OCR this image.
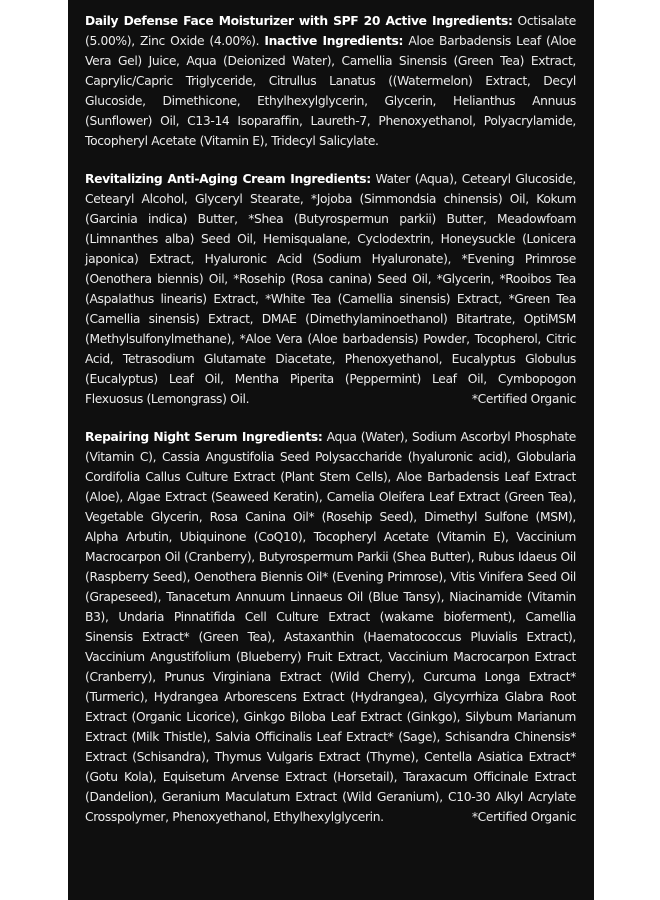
Daily Defense Face Moisturizer with SPF 20 Active Ingredients: Octisalate (5.00%), Zinc Oxide (4.00%). Inactive Ingredients: Aloe Barbadensis Leaf (Aloe Vera Gel) Juice, Aqua (Deionized Water), Camellia Sinensis (Green Tea) Extract, Caprylic/Capric Triglyceride, Citrullus Lanatus ((Watermelon) Extract, Decyl Glucoside, Dimethicone, Ethylhexylglycerin, Glycerin, Helianthus Annuus (Sunflower) Oil, C13-14 Isoparaffin, Laureth-7, Phenoxyethanol, Polyacrylamide, Tocopheryl Acetate (Vitamin E), Tridecyl Salicylate.
Revitalizing Anti-Aging Cream Ingredients: Water (Aqua), Cetearyl Glucoside, Cetearyl Alcohol, Glyceryl Stearate, *Jojoba (Simmondsia chinensis) Oil, Kokum (Garcinia indica) Butter, *Shea (Butyrospermun parkii) Butter, Meadowfoam (Limnanthes alba) Seed Oil, Hemisqualane, Cyclodextrin, Honeysuckle (Lonicera japonica) Extract, Hyaluronic Acid (Sodium Hyaluronate), *Evening Primrose (Oenothera biennis) Oil, *Rosehip (Rosa canina) Seed Oil, *Glycerin, *Rooibos Tea (Aspalathus linearis) Extract, *White Tea (Camellia sinensis) Extract, *Green Tea (Camellia sinensis) Extract, DMAE (Dimethylaminoethanol) Bitartrate, OptiMSM (Methylsulfonylmethane), *Aloe Vera (Aloe barbadensis) Powder, Tocopherol, Citric Acid, Tetrasodium Glutamate Diacetate, Phenoxyethanol, Eucalyptus Globulus (Eucalyptus) Leaf Oil, Mentha Piperita (Peppermint) Leaf Oil, Cymbopogon Flexuosus (Lemongrass) Oil.	*Certified Organic
Repairing Night Serum Ingredients: Aqua (Water), Sodium Ascorbyl Phosphate (Vitamin C), Cassia Angustifolia Seed Polysaccharide (hyaluronic acid), Globularia Cordifolia Callus Culture Extract (Plant Stem Cells), Aloe Barbadensis Leaf Extract (Aloe), Algae Extract (Seaweed Keratin), Camelia Oleifera Leaf Extract (Green Tea), Vegetable Glycerin, Rosa Canina Oil* (Rosehip Seed), Dimethyl Sulfone (MSM), Alpha Arbutin, Ubiquinone (CoQ10), Tocopheryl Acetate (Vitamin E), Vaccinium Macrocarpon Oil (Cranberry), Butyrospermum Parkii (Shea Butter), Rubus Idaeus Oil (Raspberry Seed), Oenothera Biennis Oil* (Evening Primrose), Vitis Vinifera Seed Oil (Grapeseed), Tanacetum Annuum Linnaeus Oil (Blue Tansy), Niacinamide (Vitamin B3), Undaria Pinnatifida Cell Culture Extract (wakame bioferment), Camellia Sinensis Extract* (Green Tea), Astaxanthin (Haematococcus Pluvialis Extract), Vaccinium Angustifolium (Blueberry) Fruit Extract, Vaccinium Macrocarpon Extract (Cranberry), Prunus Virginiana Extract (Wild Cherry), Curcuma Longa Extract* (Turmeric), Hydrangea Arborescens Extract (Hydrangea), Glycyrrhiza Glabra Root Extract (Organic Licorice), Ginkgo Biloba Leaf Extract (Ginkgo), Silybum Marianum Extract (Milk Thistle), Salvia Officinalis Leaf Extract* (Sage), Schisandra Chinensis* Extract (Schisandra), Thymus Vulgaris Extract (Thyme), Centella Asiatica Extract* (Gotu Kola), Equisetum Arvense Extract (Horsetail), Taraxacum Officinale Extract (Dandelion), Geranium Maculatum Extract (Wild Geranium), C10-30 Alkyl Acrylate Crosspolymer, Phenoxyethanol, Ethylhexylglycerin.	*Certified Organic
